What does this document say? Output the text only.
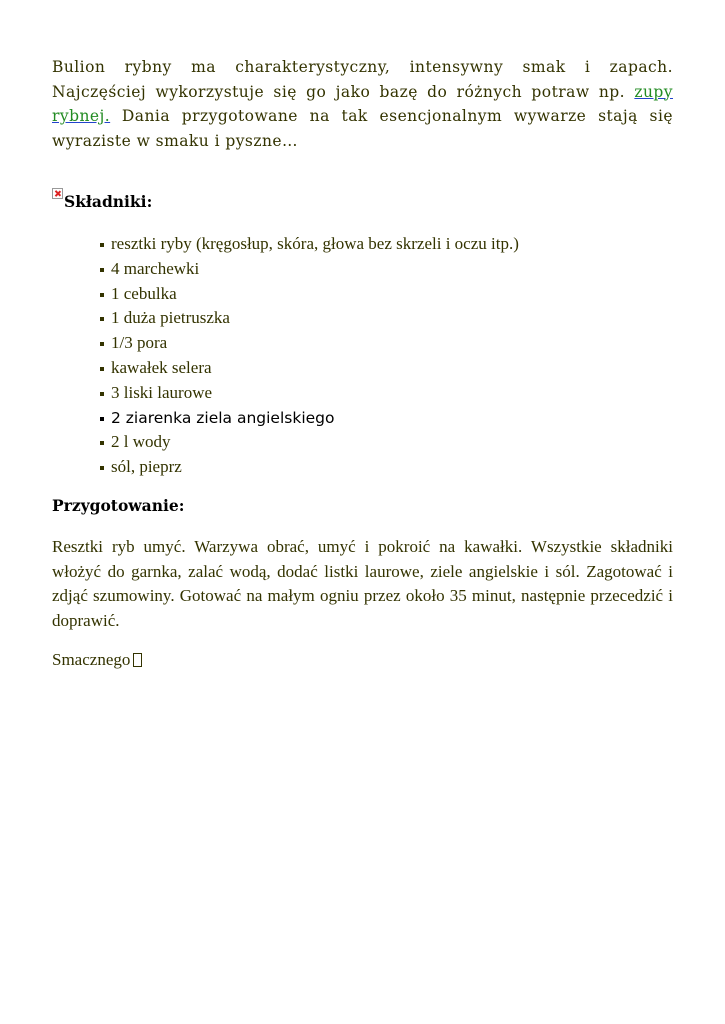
Bulion rybny ma charakterystyczny, intensywny smak i zapach. Najczęściej wykorzystuje się go jako bazę do różnych potraw np. zupy rybnej. Dania przygotowane na tak esencjonalnym wywarze stają się wyraziste w smaku i pyszne…

Składniki:
resztki ryby (kręgosłup, skóra, głowa bez skrzeli i oczu itp.)
4 marchewki
1 cebulka
1 duża pietruszka
1/3 pora
kawałek selera
3 liski laurowe
2 ziarenka ziela angielskiego
2 l wody
sól, pieprz

Przygotowanie:

Resztki ryb umyć. Warzywa obrać, umyć i pokroić na kawałki. Wszystkie składniki włożyć do garnka, zalać wodą, dodać listki laurowe, ziele angielskie i sól. Zagotować i zdjąć szumowiny. Gotować na małym ogniu przez około 35 minut, następnie przecedzić i doprawić.

Smacznego
